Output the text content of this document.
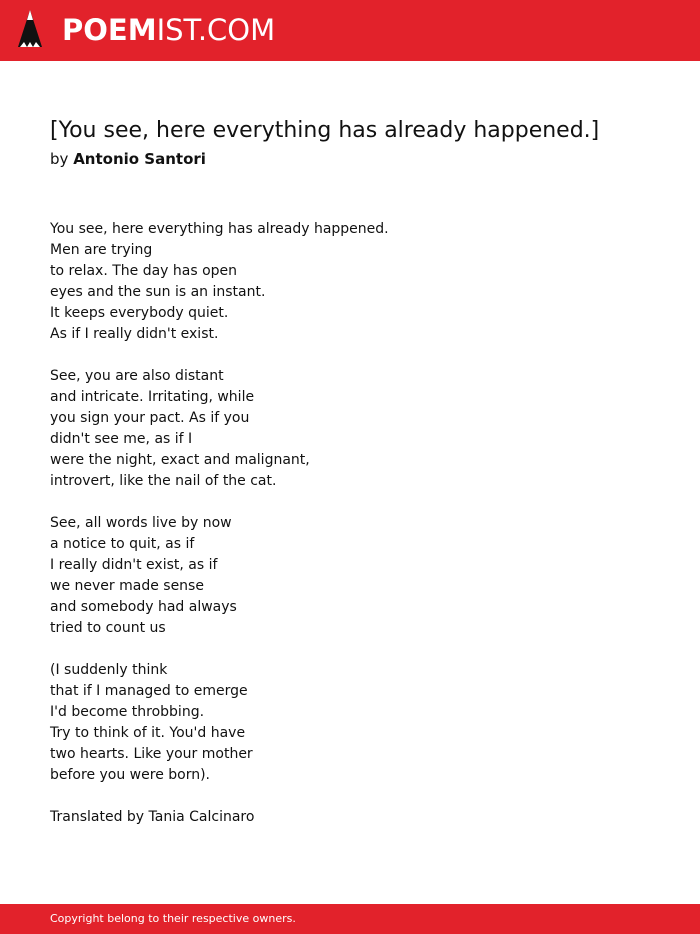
POEMIST.COM
[You see, here everything has already happened.]
by Antonio Santori
You see, here everything has already happened.
Men are trying
to relax. The day has open
eyes and the sun is an instant.
It keeps everybody quiet.
As if I really didn't exist.
See, you are also distant
and intricate. Irritating, while
you sign your pact. As if you
didn't see me, as if I
were the night, exact and malignant,
introvert, like the nail of the cat.
See, all words live by now
a notice to quit, as if
I really didn't exist, as if
we never made sense
and somebody had always
tried to count us
(I suddenly think
that if I managed to emerge
I'd become throbbing.
Try to think of it. You'd have
two hearts. Like your mother
before you were born).
Translated by Tania Calcinaro
Copyright belong to their respective owners.
